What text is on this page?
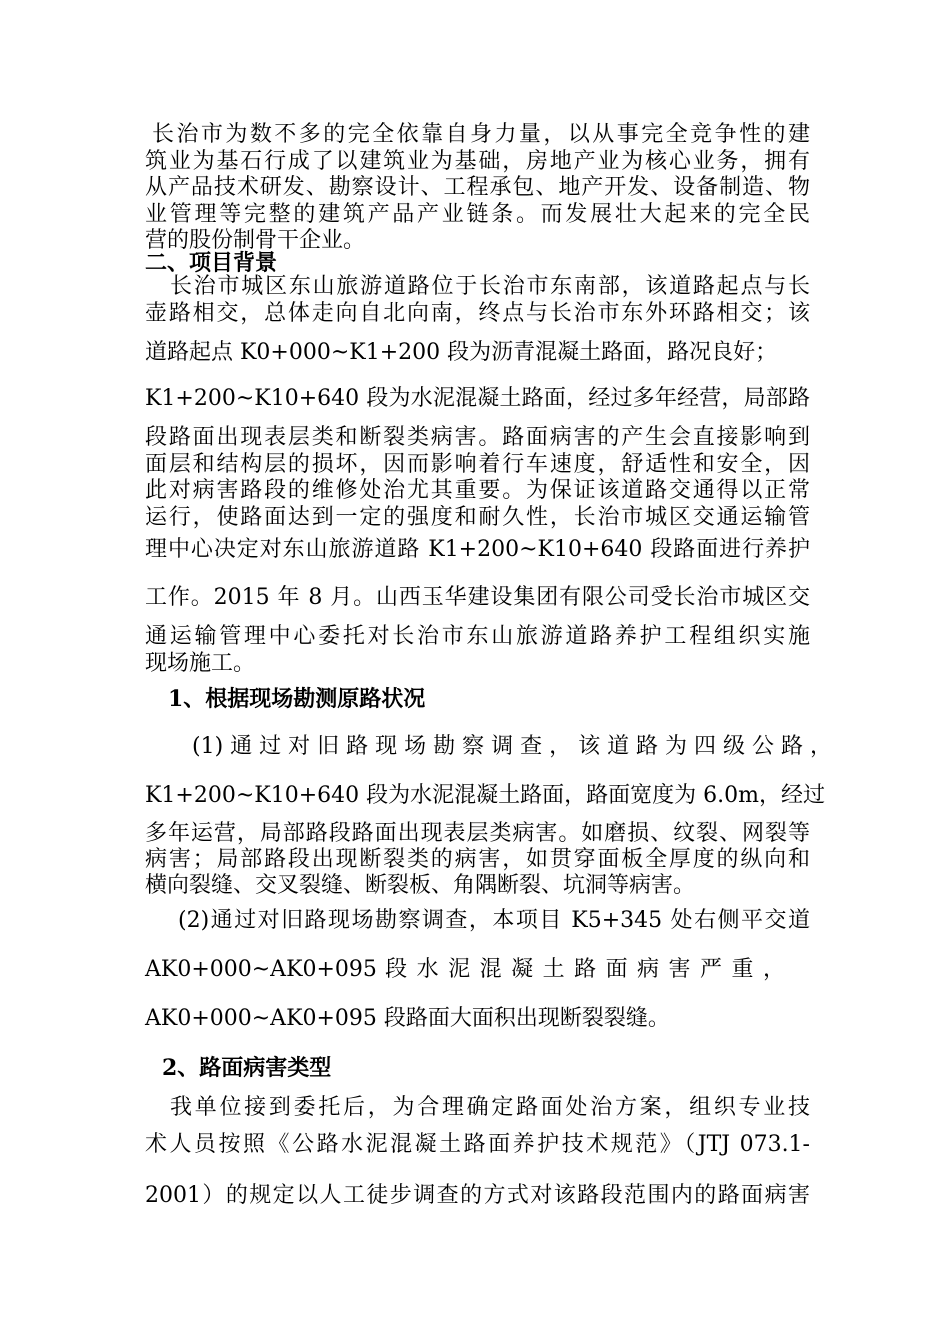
长治市为数不多的完全依靠自身力量，以从事完全竞争性的建
筑业为基石行成了以建筑业为基础，房地产业为核心业务，拥有
从产品技术研发、勘察设计、工程承包、地产开发、设备制造、物
业管理等完整的建筑产品产业链条。而发展壮大起来的完全民
营的股份制骨干企业。
二、项目背景
长治市城区东山旅游道路位于长治市东南部，该道路起点与长
壶路相交，总体走向自北向南，终点与长治市东外环路相交；该
道路起点 K0+000~K1+200 段为沥青混凝土路面，路况良好；
K1+200~K10+640 段为水泥混凝土路面，经过多年经营，局部路
段路面出现表层类和断裂类病害。路面病害的产生会直接影响到
面层和结构层的损坏，因而影响着行车速度，舒适性和安全，因
此对病害路段的维修处治尤其重要。为保证该道路交通得以正常
运行，使路面达到一定的强度和耐久性，长治市城区交通运输管
理中心决定对东山旅游道路 K1+200~K10+640 段路面进行养护
工作。2015 年 8 月。山西玉华建设集团有限公司受长治市城区交
通运输管理中心委托对长治市东山旅游道路养护工程组织实施
现场施工。
1、根据现场勘测原路状况
(1) 通 过 对 旧 路 现 场 勘 察 调 查 ， 该 道 路 为 四 级 公 路 ，
K1+200~K10+640 段为水泥混凝土路面，路面宽度为 6.0m，经过
多年运营，局部路段路面出现表层类病害。如磨损、纹裂、网裂等
病害；局部路段出现断裂类的病害，如贯穿面板全厚度的纵向和
横向裂缝、交叉裂缝、断裂板、角隅断裂、坑洞等病害。
(2)通过对旧路现场勘察调查，本项目 K5+345 处右侧平交道
AK0+000~AK0+095 段 水 泥 混 凝 土 路 面 病 害 严 重 ，
AK0+000~AK0+095 段路面大面积出现断裂裂缝。
2、路面病害类型
我单位接到委托后，为合理确定路面处治方案，组织专业技
术人员按照《公路水泥混凝土路面养护技术规范》（JTJ 073.1-
2001）的规定以人工徒步调查的方式对该路段范围内的路面病害
